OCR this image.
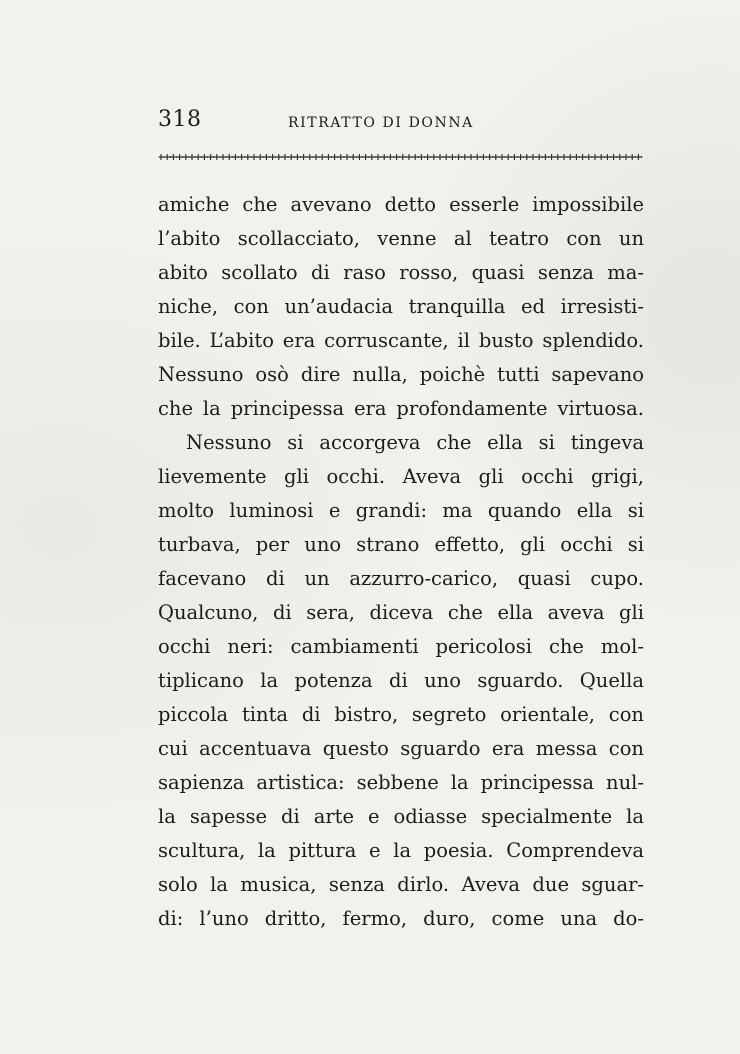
318	RITRATTO DI DONNA
amiche che avevano detto esserle impossibile
l’abito scollacciato, venne al teatro con un
abito scollato di raso rosso, quasi senza ma-
niche, con un’audacia tranquilla ed irresisti-
bile. L’abito era corruscante, il busto splendido.
Nessuno osò dire nulla, poichè tutti sapevano
che la principessa era profondamente virtuosa.
Nessuno si accorgeva che ella si tingeva
lievemente gli occhi. Aveva gli occhi grigi,
molto luminosi e grandi: ma quando ella si
turbava, per uno strano effetto, gli occhi si
facevano di un azzurro-carico, quasi cupo.
Qualcuno, di sera, diceva che ella aveva gli
occhi neri: cambiamenti pericolosi che mol-
tiplicano la potenza di uno sguardo. Quella
piccola tinta di bistro, segreto orientale, con
cui accentuava questo sguardo era messa con
sapienza artistica: sebbene la principessa nul-
la sapesse di arte e odiasse specialmente la
scultura, la pittura e la poesia. Comprendeva
solo la musica, senza dirlo. Aveva due sguar-
di: l’uno dritto, fermo, duro, come una do-
